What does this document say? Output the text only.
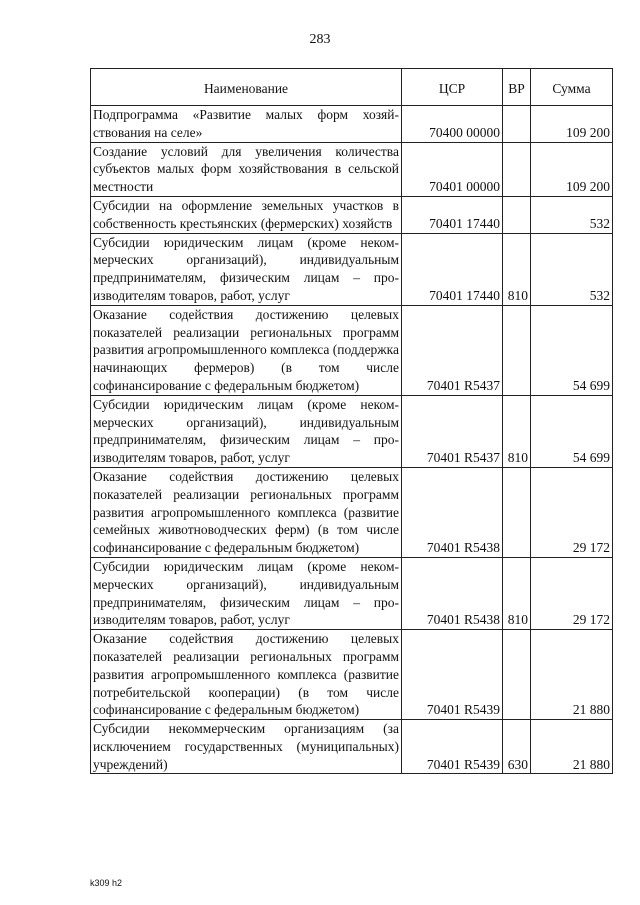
283
Наименование	ЦСР	ВР	Сумма
Подпрограмма «Развитие малых форм хозяйствования на селе»	70400 00000		109 200
Создание условий для увеличения количества субъектов малых форм хозяйствования в сельской местности	70401 00000		109 200
Субсидии на оформление земельных участков в собственность крестьянских (фермерских) хозяйств	70401 17440		532
Субсидии юридическим лицам (кроме некоммерческих организаций), индивидуальным предпринимателям, физическим лицам – производителям товаров, работ, услуг	70401 17440	810	532
Оказание содействия достижению целевых показателей реализации региональных программ развития агропромышленного комплекса (поддержка начинающих фермеров) (в том числе софинансирование с федеральным бюджетом)	70401 R5437		54 699
Субсидии юридическим лицам (кроме некоммерческих организаций), индивидуальным предпринимателям, физическим лицам – производителям товаров, работ, услуг	70401 R5437	810	54 699
Оказание содействия достижению целевых показателей реализации региональных программ развития агропромышленного комплекса (развитие семейных животноводческих ферм) (в том числе софинансирование с федеральным бюджетом)	70401 R5438		29 172
Субсидии юридическим лицам (кроме некоммерческих организаций), индивидуальным предпринимателям, физическим лицам – производителям товаров, работ, услуг	70401 R5438	810	29 172
Оказание содействия достижению целевых показателей реализации региональных программ развития агропромышленного комплекса (развитие потребительской кооперации) (в том числе софинансирование с федеральным бюджетом)	70401 R5439		21 880
Субсидии некоммерческим организациям (за исключением государственных (муниципальных) учреждений)	70401 R5439	630	21 880
k309 h2
